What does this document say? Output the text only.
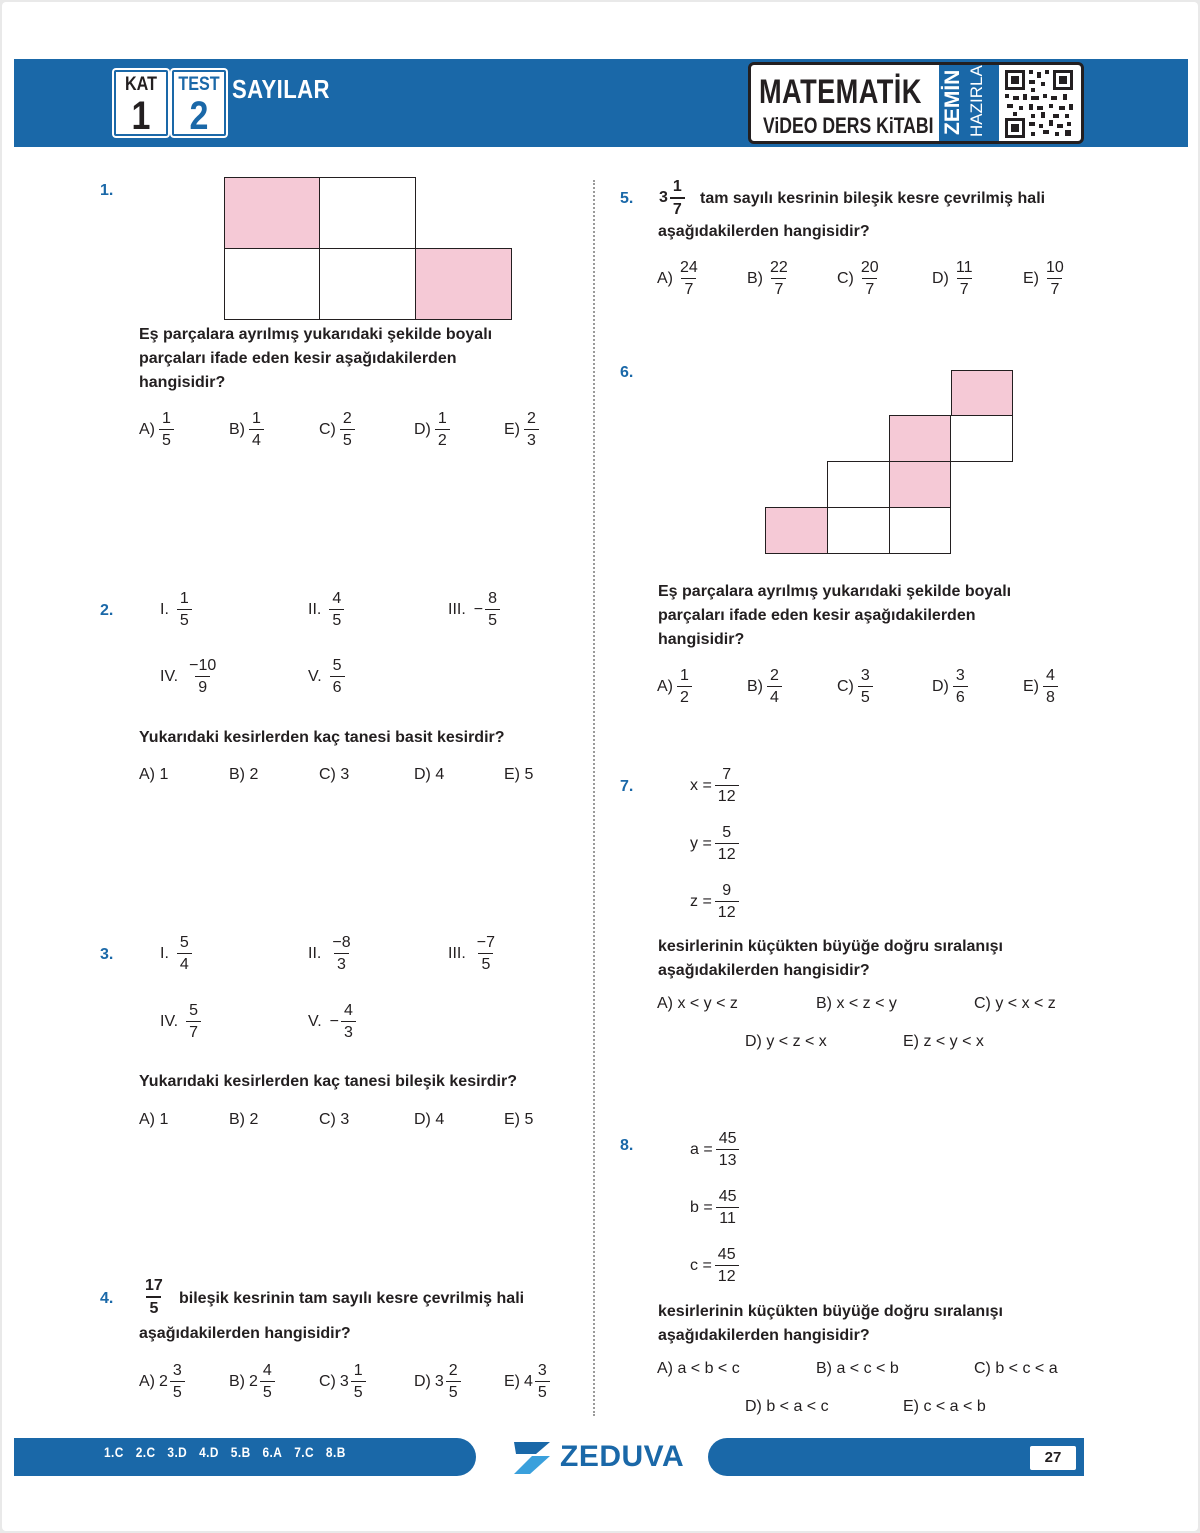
KAT
1
TEST
2
SAYILAR	MATEMATİK
ViDEO DERS KiTABI ZEMİN HAZIRLA
1.
Eş parçalara ayrılmış yukarıdaki şekilde boyalı parçaları ifade eden kesir aşağıdakilerden hangisidir?
$A) \frac{1}{5}$	$B) \frac{1}{4}$	$C) \frac{2}{5}$	$D) \frac{1}{2}$	$E) \frac{2}{3}$
2.	I. $\frac{1}{5}$	II. $\frac{4}{5}$	III. − $\frac{8}{5}$
IV. $\frac{-10}{9}$	V. $\frac{5}{6}$
Yukarıdaki kesirlerden kaç tanesi basit kesirdir?
A) 1	B) 2	C) 3	D) 4	E) 5
3.	I. $\frac{5}{4}$	II. $\frac{-8}{3}$	III. $\frac{-7}{5}$
IV. $\frac{5}{7}$	V. − $\frac{4}{3}$
Yukarıdaki kesirlerden kaç tanesi bileşik kesirdir?
A) 1	B) 2	C) 3	D) 4	E) 5
4. $\frac{17}{5}$ bileşik kesrinin tam sayılı kesre çevrilmiş hali
aşağıdakilerden hangisidir?
A) $2 \frac{3}{5}$	B) $2 \frac{4}{5}$	C) $3 \frac{1}{5}$	D) $3 \frac{2}{5}$	E) $4 \frac{3}{5}$
5. $3 \frac{1}{7}$ tam sayılı kesrinin bileşik kesre çevrilmiş hali
aşağıdakilerden hangisidir?
$A) \frac{24}{7}$	$B) \frac{22}{7}$	$C) \frac{20}{7}$	$D) \frac{11}{7}$	$E) \frac{10}{7}$
6.
Eş parçalara ayrılmış yukarıdaki şekilde boyalı parçaları ifade eden kesir aşağıdakilerden hangisidir?
$A) \frac{1}{2}$	$B) \frac{2}{4}$	$C) \frac{3}{5}$	$D) \frac{3}{6}$	$E) \frac{4}{8}$
7.	$x = \frac{7}{12}$
$y = \frac{5}{12}$
$z = \frac{9}{12}$
kesirlerinin küçükten büyüğe doğru sıralanışı aşağıdakilerden hangisidir?
A) x < y < z	B) x < z < y	C) y < x < z
D) y < z < x	E) z < y < x
8.	$a = \frac{45}{13}$
$b = \frac{45}{11}$
$c = \frac{45}{12}$
kesirlerinin küçükten büyüğe doğru sıralanışı aşağıdakilerden hangisidir?
A) a < b < c	B) a < c < b	C) b < c < a
D) b < a < c	E) c < a < b
1.C 2.C 3.D 4.D 5.B 6.A 7.C 8.B	ZEDUVA	27
